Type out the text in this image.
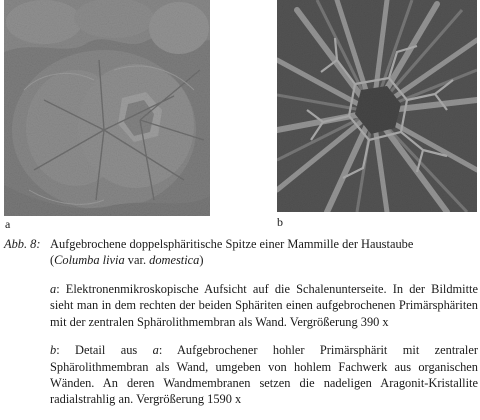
a	b
Abb. 8: Aufgebrochene doppelsphäritische Spitze einer Mammille der Haustaube
(Columba livia var. domestica)

a: Elektronenmikroskopische Aufsicht auf die Schalenunterseite. In der Bildmitte sieht man in dem rechten der beiden Sphäriten einen aufgebrochenen Primärsphäriten mit der zentralen Sphärolithmembran als Wand. Vergrößerung 390 x

b: Detail aus a: Aufgebrochener hohler Primärsphärit mit zentraler Sphärolithmembran als Wand, umgeben von hohlem Fachwerk aus organischen Wänden. An deren Wandmembranen setzen die nadeligen Aragonit-Kristallite radialstrahlig an. Vergrößerung 1590 x
